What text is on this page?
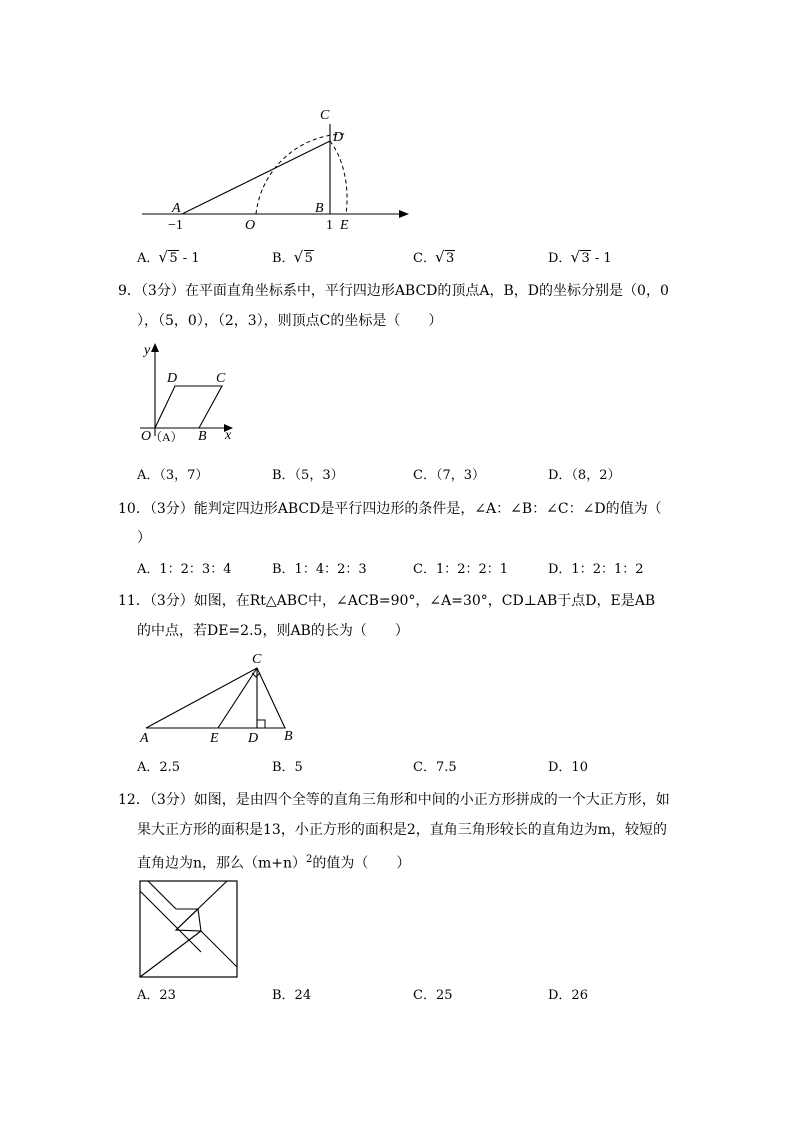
C
D
A	B
−1	O	1 E
A． √ 5 - 1	B． √ 5	C． √ 3	D． √ 3 - 1
9．（3分）在平面直角坐标系中，平行四边形ABCD的顶点A，B，D的坐标分别是（0，0
），（5，0），（2，3），则顶点C的坐标是（　　）
y
D	C
O
（A） B x
A．（3，7）	B．（5，3）	C．（7，3）	D．（8，2）
10．（3分）能判定四边形ABCD是平行四边形的条件是，∠A：∠B：∠C：∠D的值为（
）
A．1：2：3：4	B．1：4：2：3	C．1：2：2：1	D．1：2：1：2
11．（3分）如图，在Rt△ABC中，∠ACB=90°，∠A=30°，CD⊥AB于点D，E是AB
的中点，若DE=2.5，则AB的长为（　　）
C
A	E D B
A．2.5	B．5	C．7.5	D．10
12．（3分）如图，是由四个全等的直角三角形和中间的小正方形拼成的一个大正方形，如
果大正方形的面积是13，小正方形的面积是2，直角三角形较长的直角边为m，较短的
直角边为n，那么$(m+n)^2$的值为（　　）
A．23	B．24	C．25	D．26
